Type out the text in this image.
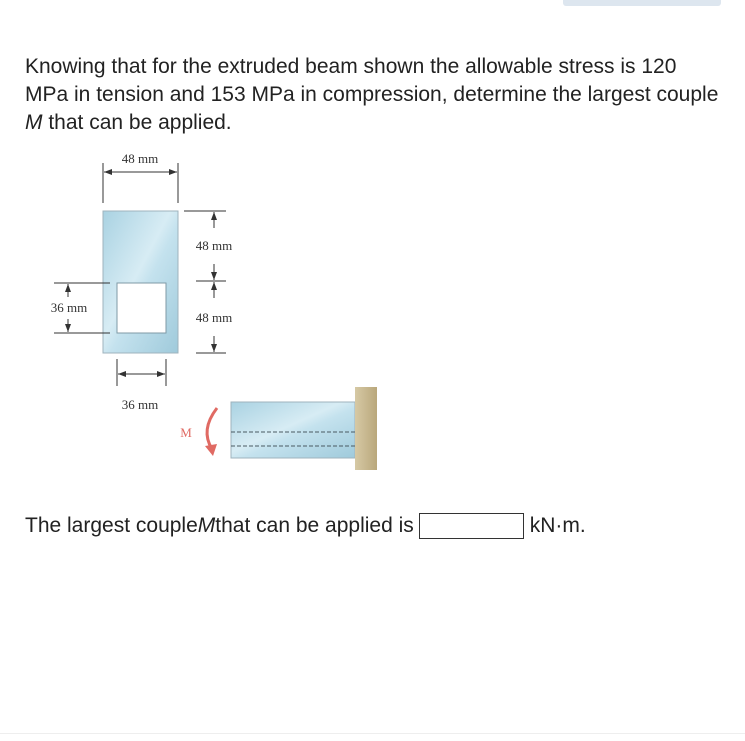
Knowing that for the extruded beam shown the allowable stress is 120 MPa in tension and 153 MPa in compression, determine the largest couple M that can be applied.

48 mm
48 mm
48 mm
36 mm
36 mm
M
The largest couple M that can be applied is	kN·m.
